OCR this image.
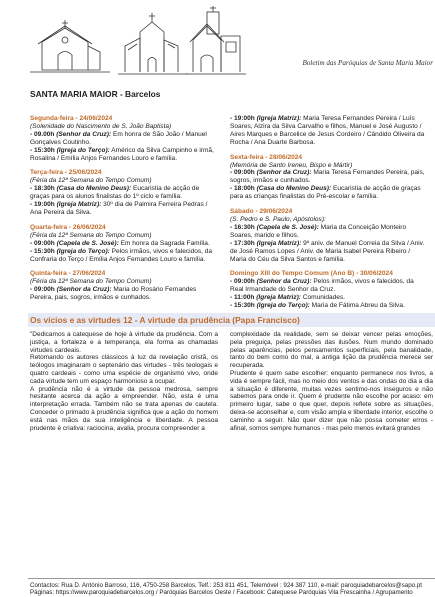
Boletim das Paróquias de Santa Maria Maior
SANTA MARIA MAIOR - Barcelos
Segunda-feira - 24/06/2024
(Solenidade do Nascimento de S. João Baptista)
- 09.00h (Senhor da Cruz): Em honra de São João / Manuel Gonçalves Coutinho.
- 15:30h (Igreja do Terço): Américo da Silva Campinho e irmã, Rosalina / Emília Anjos Fernandes Louro e família.
Terça-feira - 25/06/2024
(Féria da 12ª Semana do Tempo Comum)
- 18:30h (Casa do Menino Deus): Eucaristia de acção de graças para os alunos finalistas do 1º ciclo e família.
- 19:00h (Igreja Matriz): 30º dia de Palmira Ferreira Pedras / Ana Pereira da Silva.
Quarta-feira - 26/06/2024
(Féria da 12ª Semana do Tempo Comum)
- 09:00h (Capela de S. José): Em honra da Sagrada Família.
- 15:30h (Igreja do Terço): Pelos irmãos, vivos e falecidos, da Confraria do Terço / Emília Anjos Fernandes Louro e família.
Quinta-feira - 27/06/2024
(Féria da 12ª Semana do Tempo Comum)
- 09:00h (Senhor da Cruz): Maria do Rosário Fernandes Pereira, pais, sogros, irmãos e cunhados.
- 19:00h (Igreja Matriz): Maria Teresa Fernandes Pereira / Luís Soares, Alzira da Silva Carvalho e filhos, Manuel e José Augusto / Aires Marques e Barcelice de Jesus Cordeiro / Cândido Oliveira da Rocha / Ana Duarte Barbosa.
Sexta-feira - 28/06/2024
(Memória de Santo Ireneu, Bispo e Mártir)
- 09:00h (Senhor da Cruz): Maria Teresa Fernandes Pereira, pais, sogros, irmãos e cunhados.
- 18:00h (Casa do Menino Deus): Eucaristia de acção de graças para as crianças finalistas do Pré-escolar e família.
Sábado - 29/06/2024
(S. Pedro e S. Paulo, Apóstolos):
- 16:30h (Capela de S. José): Maria da Conceição Monteiro Soares, marido e filhos.
- 17:30h (Igreja Matriz): 9º aniv. de Manuel Correia da Silva / Aniv. de José Ramos Lopes / Aniv. de Maria Isabel Pereira Ribeiro / Maria do Céu da Silva Santos e família.
Domingo XIII do Tempo Comum (Ano B) - 30/06/2024
- 09:00h (Senhor da Cruz): Pelos irmãos, vivos e falecidos, da Real Irmandade do Senhor da Cruz.
- 11:00h (Igreja Matriz): Comunidades.
- 15:30h (Igreja do Terço): Maria de Fátima Abreu da Silva.
Os vícios e as virtudes 12 - A virtude da prudência (Papa Francisco)

"Dedicamos a catequese de hoje à virtude da prudência. Com a justiça, a fortaleza e a temperança, ela forma as chamadas virtudes cardeais.

Retomando os autores clássicos à luz da revelação cristã, os teólogos imaginaram o septenário das virtudes - três teologais e quatro cardeais - como uma espécie de organismo vivo, onde cada virtude tem um espaço harmonioso a ocupar.

A prudência não é a virtude da pessoa medrosa, sempre hesitante acerca da ação a empreender. Não, esta é uma interpretação errada. Também não se trata apenas de cautela. Conceder o primado à prudência significa que a ação do homem está nas mãos da sua inteligência e liberdade. A pessoa prudente é criativa: raciocina, avalia, procura compreender a

complexidade da realidade, sem se deixar vencer pelas emoções, pela preguiça, pelas pressões das ilusões. Num mundo dominado pelas aparências, pelos pensamentos superficiais, pela banalidade, tanto do bem como do mal, a antiga lição da prudência merece ser recuperada.

Prudente é quem sabe escolher: enquanto permanece nos livros, a vida é sempre fácil, mas no meio dos ventos e das ondas do dia a dia a situação é diferente, muitas vezes sentimo-nos inseguros e não sabemos para onde ir. Quem é prudente não escolhe por acaso: em primeiro lugar, sabe o que quer, depois reflete sobre as situações, deixa-se aconselhar e, com visão ampla e liberdade interior, escolhe o caminho a seguir. Não quer dizer que não possa cometer erros - afinal, somos sempre humanos - mas pelo menos evitará grandes

Contactos: Rua D. António Barroso, 116, 4750-258 Barcelos, Telf.: 253 811 451, Telemóvel : 924 387 110, e-mail: paroquiadebarcelos@sapo.pt
Páginas: https://www.paroquiadebarcelos.org / Paróquias Barcelos Oeste / Facebook: Catequese Paróquias Vila Frescainha / Agrupamento
